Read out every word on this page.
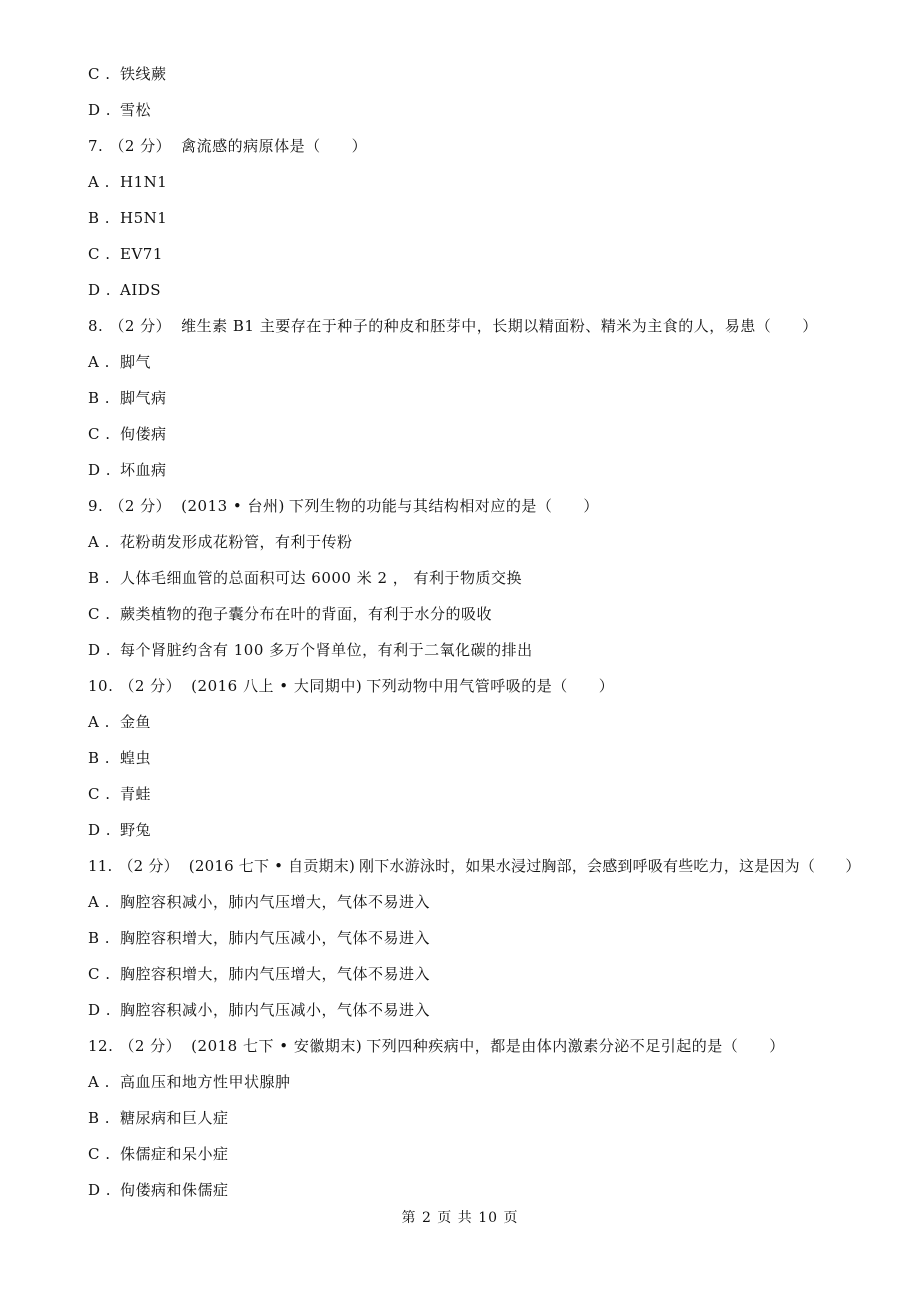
C . 铁线蕨
D . 雪松
7. （2 分） 禽流感的病原体是（　　）
A . H1N1
B . H5N1
C . EV71
D . AIDS
8. （2 分） 维生素 B1 主要存在于种子的种皮和胚芽中，长期以精面粉、精米为主食的人，易患（　　）
A . 脚气
B . 脚气病
C . 佝偻病
D . 坏血病
9. （2 分） (2013 • 台州) 下列生物的功能与其结构相对应的是（　　）
A . 花粉萌发形成花粉管，有利于传粉
B . 人体毛细血管的总面积可达 6000 米 2 ， 有利于物质交换
C . 蕨类植物的孢子囊分布在叶的背面，有利于水分的吸收
D . 每个肾脏约含有 100 多万个肾单位，有利于二氧化碳的排出
10. （2 分） (2016 八上 • 大同期中) 下列动物中用气管呼吸的是（　　）
A . 金鱼
B . 蝗虫
C . 青蛙
D . 野兔
11. （2 分） (2016 七下 • 自贡期末) 刚下水游泳时，如果水浸过胸部，会感到呼吸有些吃力，这是因为（　　）
A . 胸腔容积减小，肺内气压增大，气体不易进入
B . 胸腔容积增大，肺内气压减小，气体不易进入
C . 胸腔容积增大，肺内气压增大，气体不易进入
D . 胸腔容积减小，肺内气压减小，气体不易进入
12. （2 分） (2018 七下 • 安徽期末) 下列四种疾病中，都是由体内激素分泌不足引起的是（　　）
A . 高血压和地方性甲状腺肿
B . 糖尿病和巨人症
C . 侏儒症和呆小症
D . 佝偻病和侏儒症
第 2 页 共 10 页
